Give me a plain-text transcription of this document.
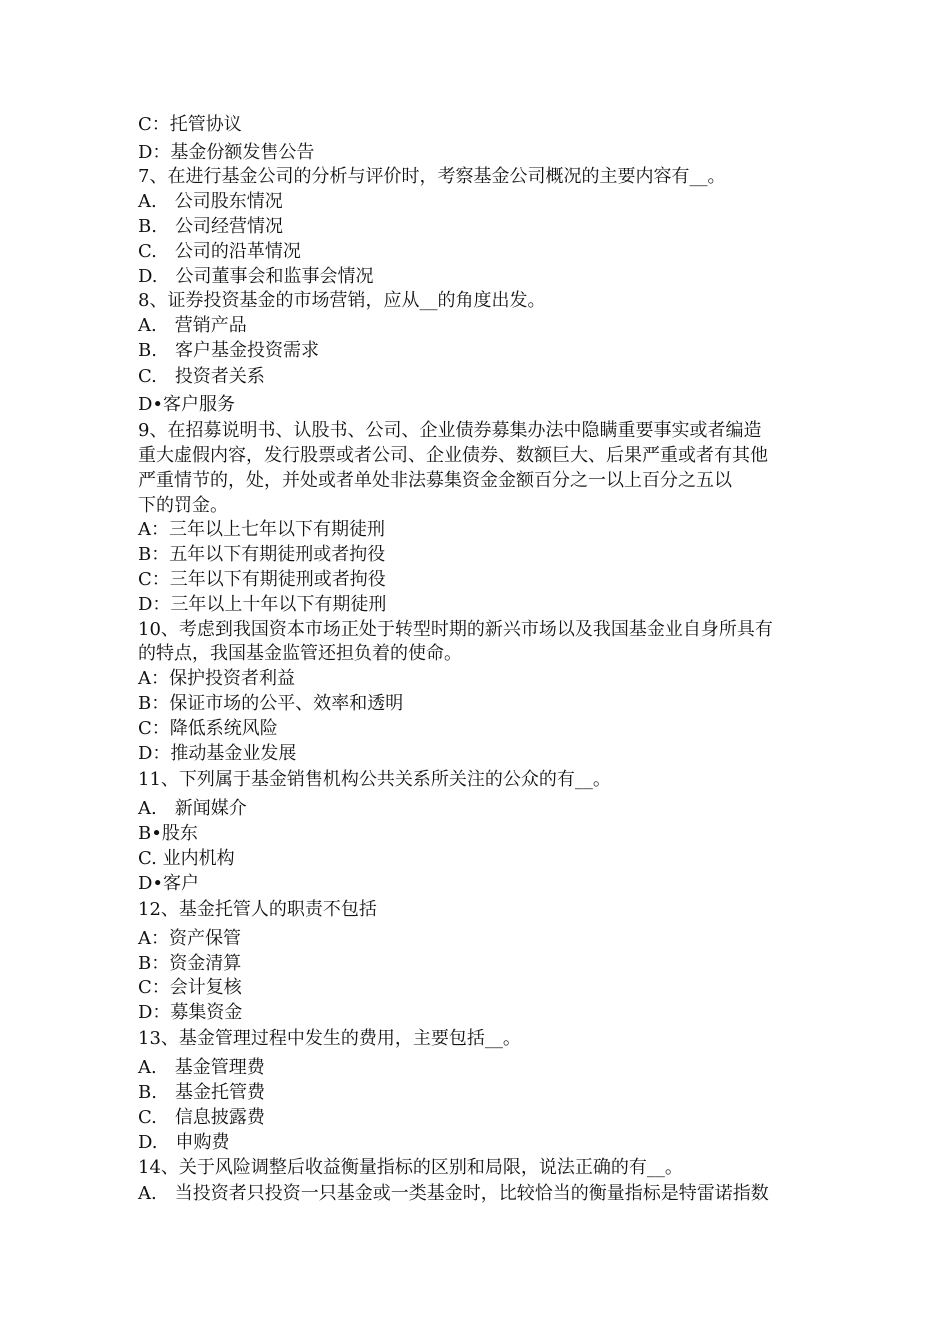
C：托管协议
D：基金份额发售公告
7、在进行基金公司的分析与评价时，考察基金公司概况的主要内容有__。
A.　公司股东情况
B.　公司经营情况
C.　公司的沿革情况
D.　公司董事会和监事会情况
8、证券投资基金的市场营销，应从__的角度出发。
A.　营销产品
B.　客户基金投资需求
C.　投资者关系
D•客户服务
9、在招募说明书、认股书、公司、企业债券募集办法中隐瞒重要事实或者编造
重大虚假内容，发行股票或者公司、企业债券、数额巨大、后果严重或者有其他
严重情节的，处，并处或者单处非法募集资金金额百分之一以上百分之五以
下的罚金。
A：三年以上七年以下有期徒刑
B：五年以下有期徒刑或者拘役
C：三年以下有期徒刑或者拘役
D：三年以上十年以下有期徒刑
10、考虑到我国资本市场正处于转型时期的新兴市场以及我国基金业自身所具有
的特点，我国基金监管还担负着的使命。
A：保护投资者利益
B：保证市场的公平、效率和透明
C：降低系统风险
D：推动基金业发展
11、下列属于基金销售机构公共关系所关注的公众的有__。
A.　新闻媒介
B•股东
C. 业内机构
D•客户
12、基金托管人的职责不包括
A：资产保管
B：资金清算
C：会计复核
D：募集资金
13、基金管理过程中发生的费用，主要包括__。
A.　基金管理费
B.　基金托管费
C.　信息披露费
D.　申购费
14、关于风险调整后收益衡量指标的区别和局限，说法正确的有__。
A.　当投资者只投资一只基金或一类基金时，比较恰当的衡量指标是特雷诺指数
